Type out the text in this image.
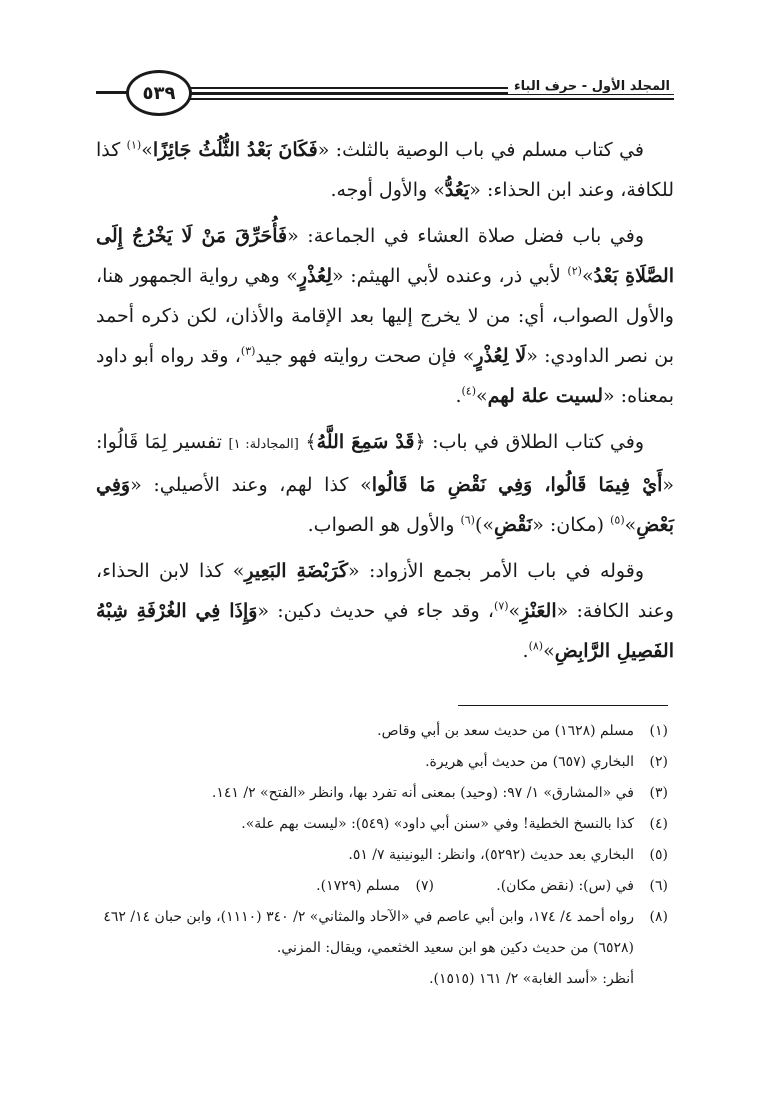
٥٣٩	المجلد الأول - حرف الباء

في كتاب مسلم في باب الوصية بالثلث: «فَكَانَ بَعْدُ الثُّلُثُ جَائِزًا»$^{(١)}$ كذا للكافة، وعند ابن الحذاء: «يَعُدُّ» والأول أوجه.

وفي باب فضل صلاة العشاء في الجماعة: «فَأُحَرِّقَ مَنْ لَا يَخْرُجُ إِلَى الصَّلَاةِ بَعْدُ»$^{(٢)}$ لأبي ذر، وعنده لأبي الهيثم: «لِعُذْرٍ» وهي رواية الجمهور هنا، والأول الصواب، أي: من لا يخرج إليها بعد الإقامة والأذان، لكن ذكره أحمد بن نصر الداودي: «لَا لِعُذْرٍ» فإن صحت روايته فهو جيد$^{(٣)}$، وقد رواه أبو داود بمعناه: «لسيت علة لهم»$^{(٤)}$.

وفي كتاب الطلاق في باب: ﴿قَدْ سَمِعَ اللَّهُ﴾ [المجادلة: ١] تفسير لِمَا قَالُوا: «أَيْ فِيمَا قَالُوا، وَفِي نَقْضِ مَا قَالُوا» كذا لهم، وعند الأصيلي: «وَفِي بَعْضِ»$^{(٥)}$ (مكان: «نَقْضِ»)$^{(٦)}$ والأول هو الصواب.

وقوله في باب الأمر بجمع الأزواد: «كَرَبْضَةِ البَعِيرِ» كذا لابن الحذاء، وعند الكافة: «العَنْزِ»$^{(٧)}$، وقد جاء في حديث دكين: «وَإِذَا فِي الغُرْفَةِ شِبْهُ الفَصِيلِ الرَّابِضِ»$^{(٨)}$.

(١)
مسلم (١٦٢٨) من حديث سعد بن أبي وقاص.
(٢)
البخاري (٦٥٧) من حديث أبي هريرة.
(٣)
في «المشارق» ١/ ٩٧: (وحيد) بمعنى أنه تفرد بها، وانظر «الفتح» ٢/ ١٤١.
(٤)
كذا بالنسخ الخطية! وفي «سنن أبي داود» (٥٤٩): «ليست بهم علة».
(٥)
البخاري بعد حديث (٥٢٩٢)، وانظر: اليونينية ٧/ ٥١.
(٦)
في (س): (نقض مكان).
(٧)
مسلم (١٧٢٩).
(٨)
رواه أحمد ٤/ ١٧٤، وابن أبي عاصم في «الآحاد والمثاني» ٢/ ٣٤٠ (١١١٠)، وابن حبان ١٤/ ٤٦٢ (٦٥٢٨) من حديث دكين هو ابن سعيد الخثعمي، ويقال: المزني.
أنظر: «أسد الغابة» ٢/ ١٦١ (١٥١٥).
